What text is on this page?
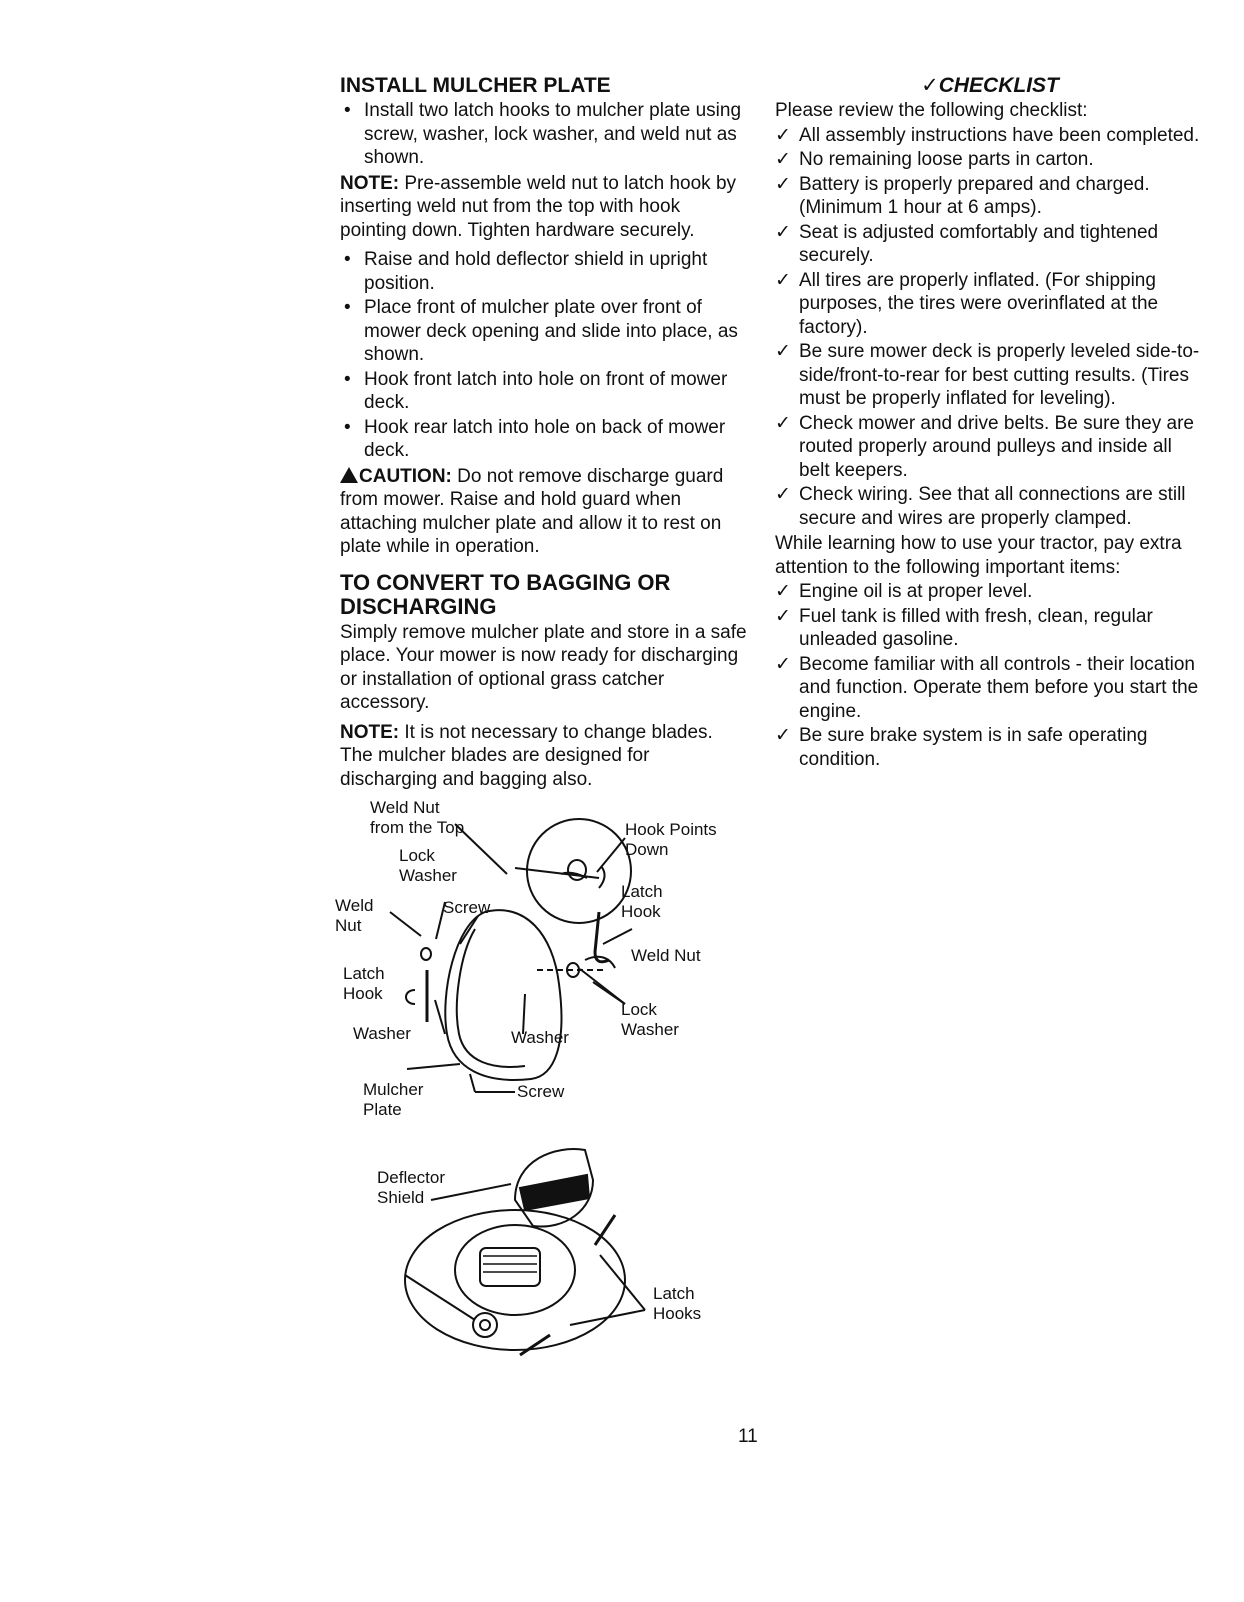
INSTALL MULCHER PLATE
• Install two latch hooks to mulcher plate using screw, washer, lock washer, and weld nut as shown.

NOTE: Pre-assemble weld nut to latch hook by inserting weld nut from the top with hook pointing down. Tighten hardware securely.

• Raise and hold deflector shield in upright position.
• Place front of mulcher plate over front of mower deck opening and slide into place, as shown.
• Hook front latch into hole on front of mower deck.
• Hook rear latch into hole on back of mower deck.

CAUTION: Do not remove discharge guard from mower. Raise and hold guard when attaching mulcher plate and allow it to rest on plate while in operation.

TO CONVERT TO BAGGING OR DISCHARGING

Simply remove mulcher plate and store in a safe place. Your mower is now ready for discharging or installation of optional grass catcher accessory.

NOTE: It is not necessary to change blades. The mulcher blades are designed for discharging and bagging also.

Weld Nut
from the Top	Hook Points
Down
Lock
Washer
Latch
Hook
Weld
Nut
Screw
Weld Nut
Latch
Hook
Lock
Washer
Washer	Washer
Mulcher
Plate
Screw
Deflector
Shield
Latch
Hooks
✓CHECKLIST

Please review the following checklist:

✓ All assembly instructions have been completed.
✓ No remaining loose parts in carton.
✓ Battery is properly prepared and charged. (Minimum 1 hour at 6 amps).
✓ Seat is adjusted comfortably and tightened securely.
✓ All tires are properly inflated. (For shipping purposes, the tires were overinflated at the factory).
✓ Be sure mower deck is properly leveled side-to-side/front-to-rear for best cutting results. (Tires must be properly inflated for leveling).
✓ Check mower and drive belts. Be sure they are routed properly around pulleys and inside all belt keepers.
✓ Check wiring. See that all connections are still secure and wires are properly clamped.

While learning how to use your tractor, pay extra attention to the following important items:

✓ Engine oil is at proper level.
✓ Fuel tank is filled with fresh, clean, regular unleaded gasoline.
✓ Become familiar with all controls - their location and function. Operate them before you start the engine.
✓ Be sure brake system is in safe operating condition.
11
